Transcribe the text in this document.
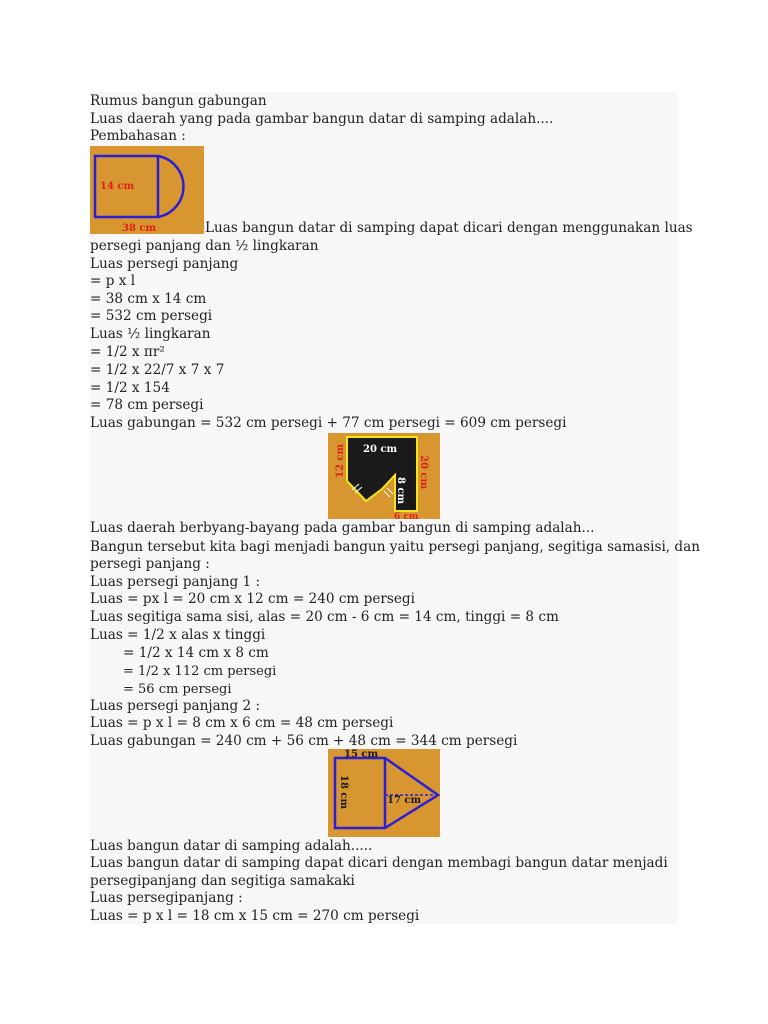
Rumus bangun gabungan
Luas daerah yang pada gambar bangun datar di samping adalah....
Pembahasan :
14 cm
38 cm	Luas bangun datar di samping dapat dicari dengan menggunakan luas
persegi panjang dan ½ lingkaran
Luas persegi panjang
= p x l
= 38 cm x 14 cm
= 532 cm persegi
Luas ½ lingkaran
= 1/2 x πr²
= 1/2 x 22/7 x 7 x 7
= 1/2 x 154
= 78 cm persegi
Luas gabungan = 532 cm persegi + 77 cm persegi = 609 cm persegi
20 cm
12 cm	20 cm
8 cm
6 cm
Luas daerah berbyang-bayang pada gambar bangun di samping adalah...
Bangun tersebut kita bagi menjadi bangun yaitu persegi panjang, segitiga samasisi, dan
persegi panjang :
Luas persegi panjang 1 :
Luas = px l = 20 cm x 12 cm = 240 cm persegi
Luas segitiga sama sisi, alas = 20 cm - 6 cm = 14 cm, tinggi = 8 cm
Luas = 1/2 x alas x tinggi
= 1/2 x 14 cm x 8 cm
= 1/2 x 112 cm persegi
= 56 cm persegi
Luas persegi panjang 2 :
Luas = p x l = 8 cm x 6 cm = 48 cm persegi
Luas gabungan = 240 cm + 56 cm + 48 cm = 344 cm persegi
15 cm
18 cm	17 cm
Luas bangun datar di samping adalah.....
Luas bangun datar di samping dapat dicari dengan membagi bangun datar menjadi
persegipanjang dan segitiga samakaki
Luas persegipanjang :
Luas = p x l = 18 cm x 15 cm = 270 cm persegi
